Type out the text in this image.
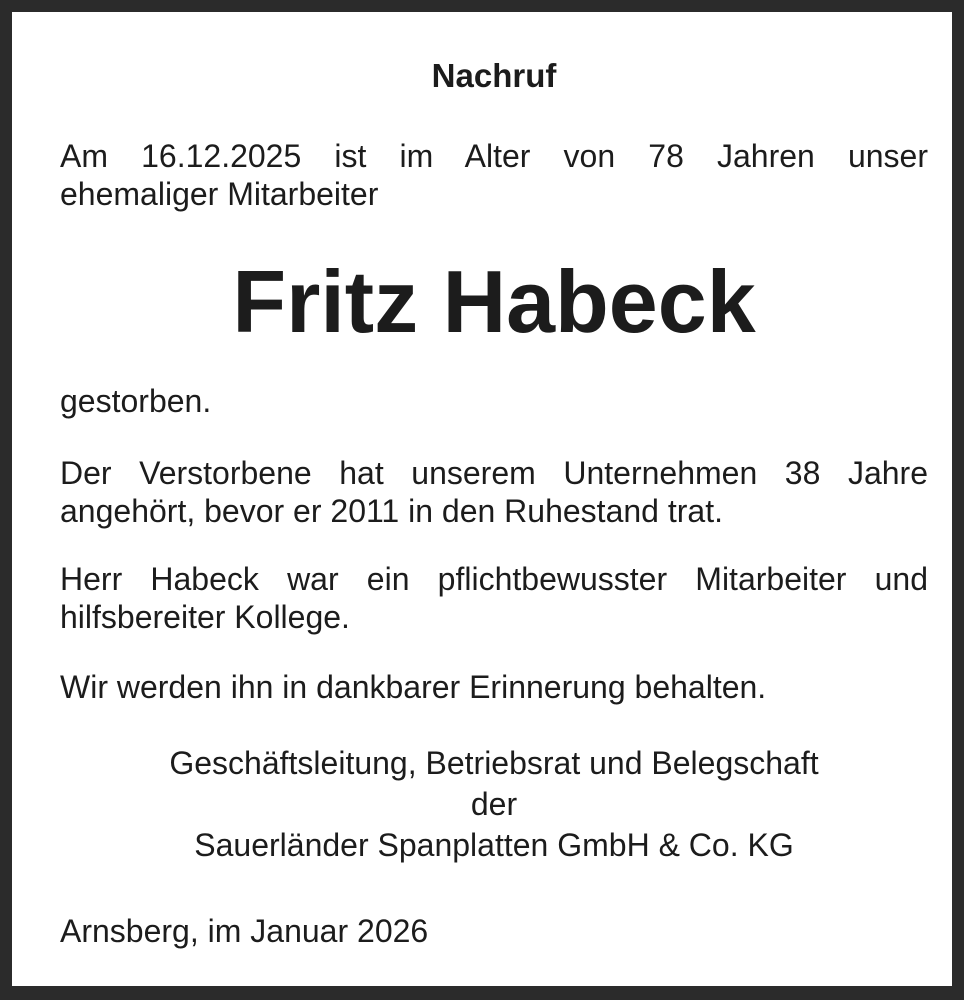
Nachruf
Am 16.12.2025 ist im Alter von 78 Jahren unser
ehemaliger Mitarbeiter
Fritz Habeck
gestorben.
Der Verstorbene hat unserem Unternehmen 38 Jahre
angehört, bevor er 2011 in den Ruhestand trat.
Herr Habeck war ein pflichtbewusster Mitarbeiter und
hilfsbereiter Kollege.
Wir werden ihn in dankbarer Erinnerung behalten.
Geschäftsleitung, Betriebsrat und Belegschaft
der
Sauerländer Spanplatten GmbH & Co. KG
Arnsberg, im Januar 2026
